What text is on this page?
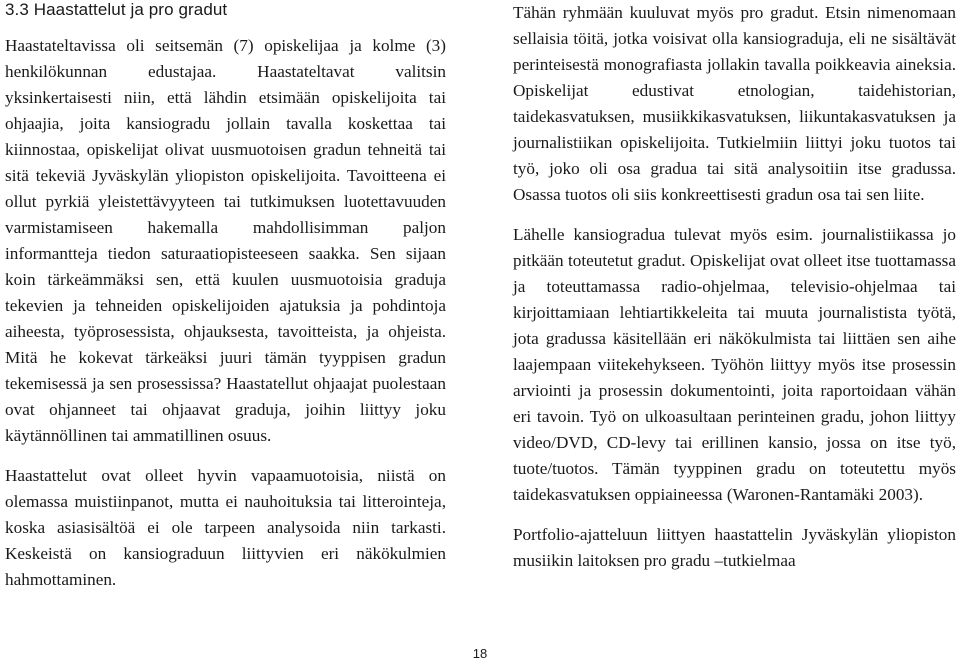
3.3 Haastattelut ja pro gradut

Haastateltavissa oli seitsemän (7) opiskelijaa ja kolme (3) henkilökunnan edustajaa. Haastateltavat valitsin yksinkertaisesti niin, että lähdin etsimään opiskelijoita tai ohjaajia, joita kansiogradu jollain tavalla koskettaa tai kiinnostaa, opiskelijat olivat uusmuotoisen gradun tehneitä tai sitä tekeviä Jyväskylän yliopiston opiskelijoita. Tavoitteena ei ollut pyrkiä yleistettävyyteen tai tutkimuksen luotettavuuden varmistamiseen hakemalla mahdollisimman paljon informantteja tiedon saturaatiopisteeseen saakka. Sen sijaan koin tärkeämmäksi sen, että kuulen uusmuotoisia graduja tekevien ja tehneiden opiskelijoiden ajatuksia ja pohdintoja aiheesta, työprosessista, ohjauksesta, tavoitteista, ja ohjeista. Mitä he kokevat tärkeäksi juuri tämän tyyppisen gradun tekemisessä ja sen prosessissa? Haastatellut ohjaajat puolestaan ovat ohjanneet tai ohjaavat graduja, joihin liittyy joku käytännöllinen tai ammatillinen osuus.

Haastattelut ovat olleet hyvin vapaamuotoisia, niistä on olemassa muistiinpanot, mutta ei nauhoituksia tai litterointeja, koska asiasisältöä ei ole tarpeen analysoida niin tarkasti. Keskeistä on kansiograduun liittyvien eri näkökulmien hahmottaminen.

Tähän ryhmään kuuluvat myös pro gradut. Etsin nimenomaan sellaisia töitä, jotka voisivat olla kansiograduja, eli ne sisältävät perinteisestä monografiasta jollakin tavalla poikkeavia aineksia. Opiskelijat edustivat etnologian, taidehistorian, taidekasvatuksen, musiikkikasvatuksen, liikuntakasvatuksen ja journalistiikan opiskelijoita. Tutkielmiin liittyi joku tuotos tai työ, joko oli osa gradua tai sitä analysoitiin itse gradussa. Osassa tuotos oli siis konkreettisesti gradun osa tai sen liite.

Lähelle kansiogradua tulevat myös esim. journalistiikassa jo pitkään toteutetut gradut. Opiskelijat ovat olleet itse tuottamassa ja toteuttamassa radio-ohjelmaa, televisio-ohjelmaa tai kirjoittamiaan lehtiartikkeleita tai muuta journalistista työtä, jota gradussa käsitellään eri näkökulmista tai liittäen sen aihe laajempaan viitekehykseen. Työhön liittyy myös itse prosessin arviointi ja prosessin dokumentointi, joita raportoidaan vähän eri tavoin. Työ on ulkoasultaan perinteinen gradu, johon liittyy video/DVD, CD-levy tai erillinen kansio, jossa on itse työ, tuote/tuotos. Tämän tyyppinen gradu on toteutettu myös taidekasvatuksen oppiaineessa (Waronen-Rantamäki 2003).

Portfolio-ajatteluun liittyen haastattelin Jyväskylän yliopiston musiikin laitoksen pro gradu –tutkielmaa

18
